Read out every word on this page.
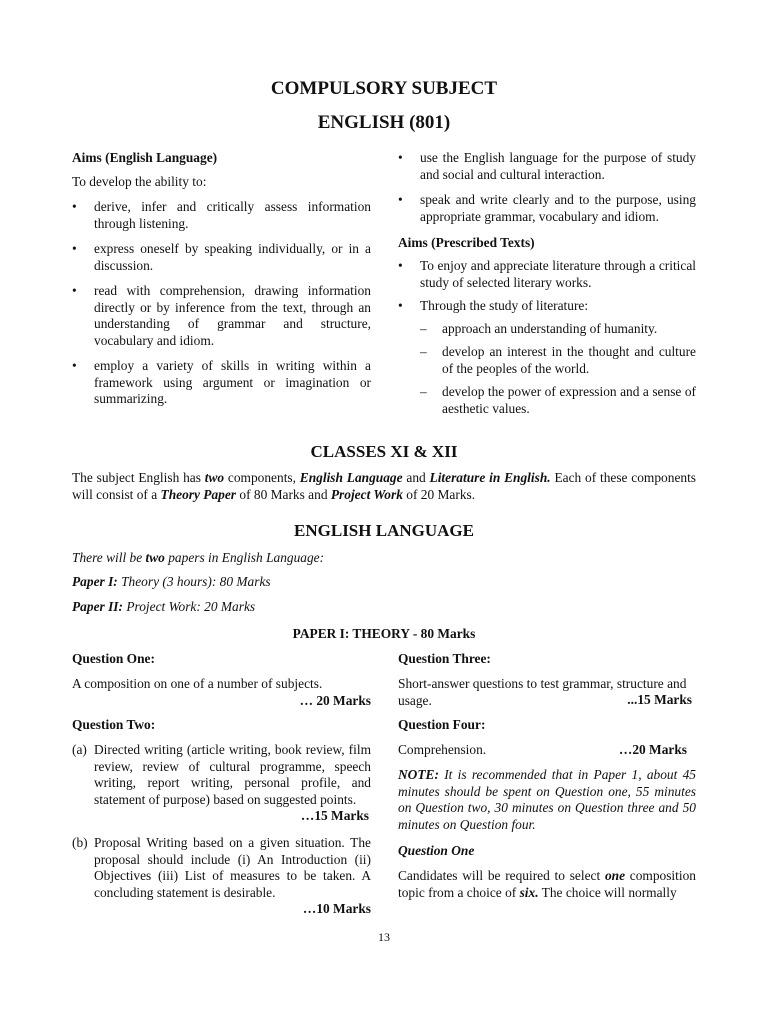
COMPULSORY SUBJECT
ENGLISH (801)
Aims (English Language)
To develop the ability to:
• derive, infer and critically assess information through listening.
• express oneself by speaking individually, or in a discussion.
• read with comprehension, drawing information directly or by inference from the text, through an understanding of grammar and structure, vocabulary and idiom.
• employ a variety of skills in writing within a framework using argument or imagination or summarizing.
• use the English language for the purpose of study and social and cultural interaction.
• speak and write clearly and to the purpose, using appropriate grammar, vocabulary and idiom.
Aims (Prescribed Texts)
• To enjoy and appreciate literature through a critical study of selected literary works.
• Through the study of literature:
– approach an understanding of humanity.
– develop an interest in the thought and culture of the peoples of the world.
– develop the power of expression and a sense of aesthetic values.
CLASSES XI & XII
The subject English has two components, English Language and Literature in English. Each of these components will consist of a Theory Paper of 80 Marks and Project Work of 20 Marks.
ENGLISH LANGUAGE
There will be two papers in English Language:
Paper I: Theory (3 hours): 80 Marks
Paper II: Project Work: 20 Marks
PAPER I: THEORY - 80 Marks
Question One:
A composition on one of a number of subjects.
… 20 Marks
Question Two:
(a) Directed writing (article writing, book review, film review, review of cultural programme, speech writing, report writing, personal profile, and statement of purpose) based on suggested points.
…15 Marks
(b) Proposal Writing based on a given situation. The proposal should include (i) An Introduction (ii) Objectives (iii) List of measures to be taken. A concluding statement is desirable.
…10 Marks
Question Three:
Short-answer questions to test grammar, structure and usage.	...15 Marks
Question Four:
Comprehension.	…20 Marks
NOTE: It is recommended that in Paper 1, about 45 minutes should be spent on Question one, 55 minutes on Question two, 30 minutes on Question three and 50 minutes on Question four.
Question One
Candidates will be required to select one composition topic from a choice of six. The choice will normally
13
